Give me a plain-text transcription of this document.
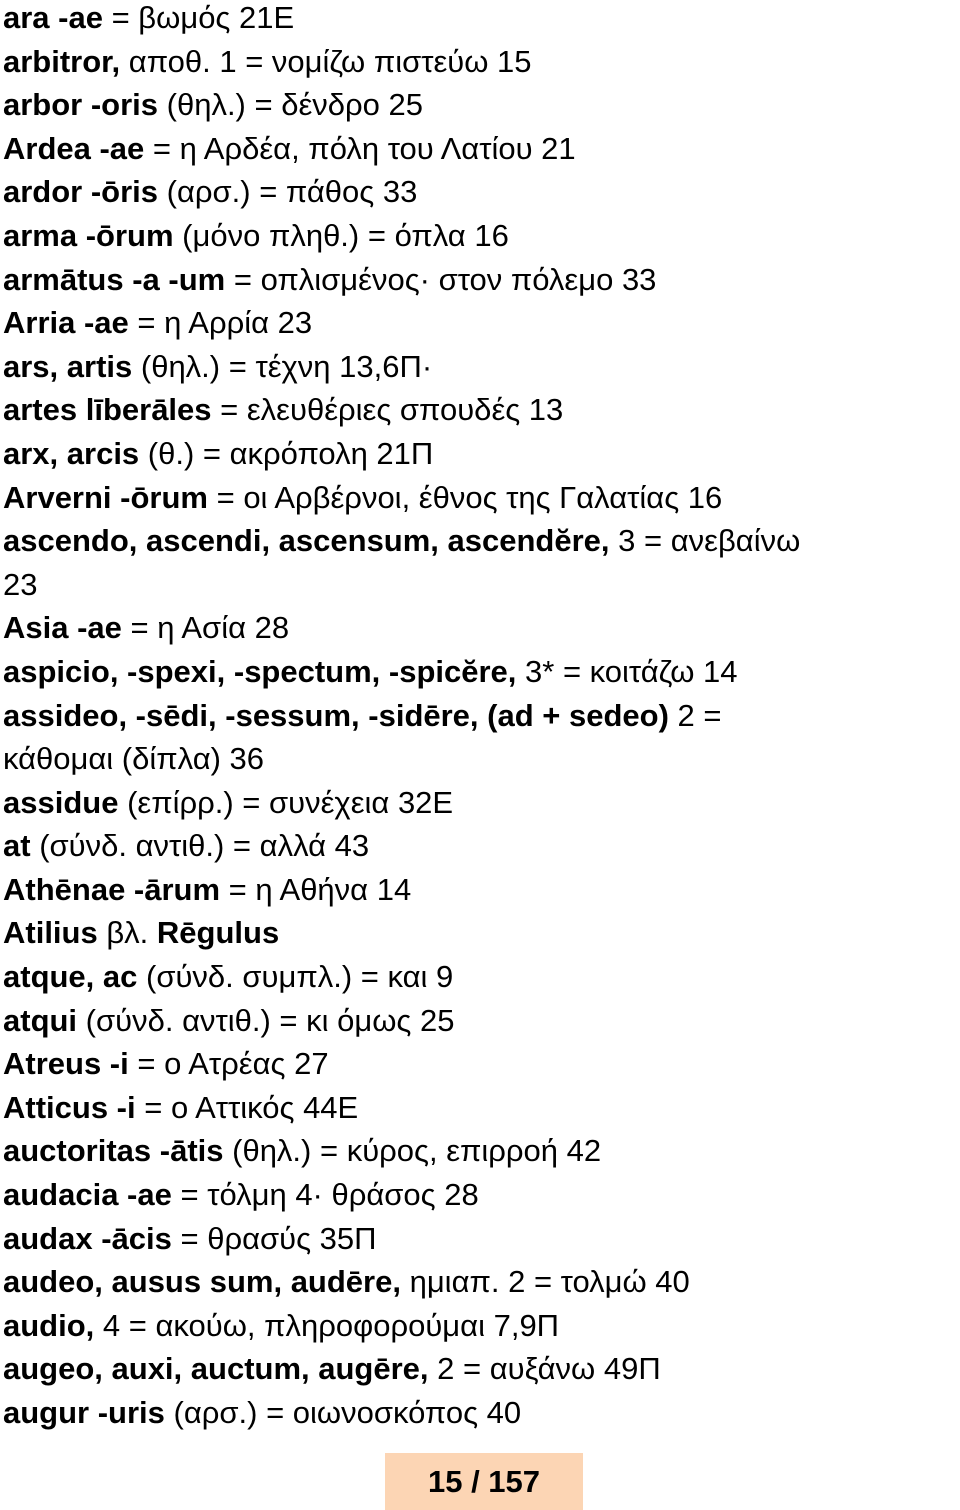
ara -ae = βωμός 21Ε
arbitror, αποθ. 1 = νομίζω πιστεύω 15
arbor -oris (θηλ.) = δένδρο 25
Ardea -ae = η Αρδέα, πόλη του Λατίου 21
ardor -ōris (αρσ.) = πάθος 33
arma -ōrum (μόνο πληθ.) = όπλα 16
armātus -a -um = οπλισμένος· στον πόλεμο 33
Arria -ae = η Αρρία 23
ars, artis (θηλ.) = τέχνη 13,6Π·
artes līberāles = ελευθέριες σπουδές 13
arx, arcis (θ.) = ακρόπολη 21Π
Arverni -ōrum = οι Αρβέρνοι, έθνος της Γαλατίας 16
ascendo, ascendi, ascensum, ascendĕre, 3 = ανεβαίνω
23
Asia -ae = η Ασία 28
aspicio, -spexi, -spectum, -spicĕre, 3* = κοιτάζω 14
assideo, -sēdi, -sessum, -sidēre, (ad + sedeo) 2 =
κάθομαι (δίπλα) 36
assidue (επίρρ.) = συνέχεια 32Ε
at (σύνδ. αντιθ.) = αλλά 43
Athēnae -ārum = η Αθήνα 14
Atilius βλ. Rēgulus
atque, ac (σύνδ. συμπλ.) = και 9
atqui (σύνδ. αντιθ.) = κι όμως 25
Atreus -i = ο Ατρέας 27
Atticus -i = ο Αττικός 44Ε
auctoritas -ātis (θηλ.) = κύρος, επιρροή 42
audacia -ae = τόλμη 4· θράσος 28
audax -ācis = θρασύς 35Π
audeo, ausus sum, audēre, ημιαπ. 2 = τολμώ 40
audio, 4 = ακούω, πληροφορούμαι 7,9Π
augeo, auxi, auctum, augēre, 2 = αυξάνω 49Π
augur -uris (αρσ.) = οιωνοσκόπος 40
15 / 157
